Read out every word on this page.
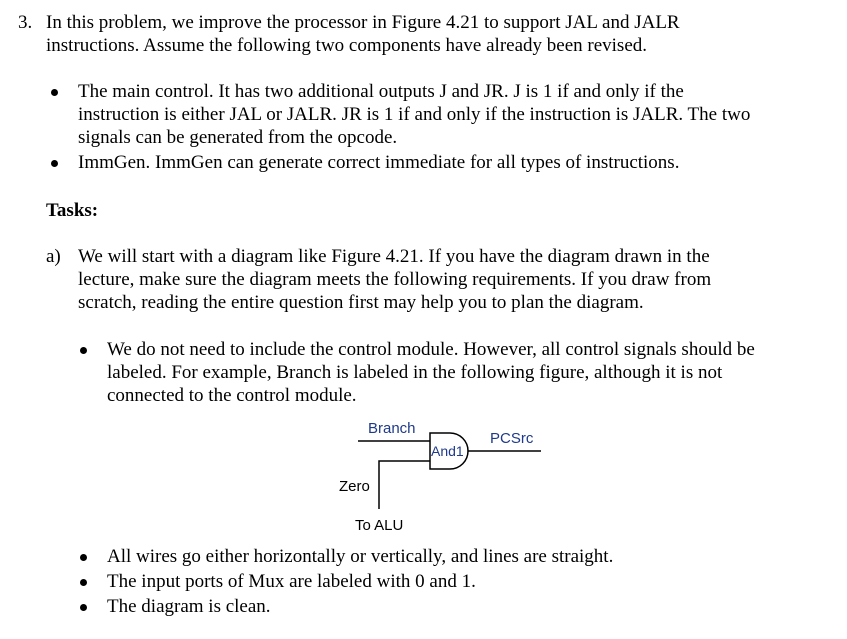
3. In this problem, we improve the processor in Figure 4.21 to support JAL and JALR
instructions. Assume the following two components have already been revised.
The main control. It has two additional outputs J and JR. J is 1 if and only if the
instruction is either JAL or JALR. JR is 1 if and only if the instruction is JALR. The two
signals can be generated from the opcode.
ImmGen. ImmGen can generate correct immediate for all types of instructions.
Tasks:
a) We will start with a diagram like Figure 4.21. If you have the diagram drawn in the
lecture, make sure the diagram meets the following requirements. If you draw from
scratch, reading the entire question first may help you to plan the diagram.
We do not need to include the control module. However, all control signals should be
labeled. For example, Branch is labeled in the following figure, although it is not
connected to the control module.
Branch
And1
PCSrc
Zero
To ALU
All wires go either horizontally or vertically, and lines are straight.
The input ports of Mux are labeled with 0 and 1.
The diagram is clean.
